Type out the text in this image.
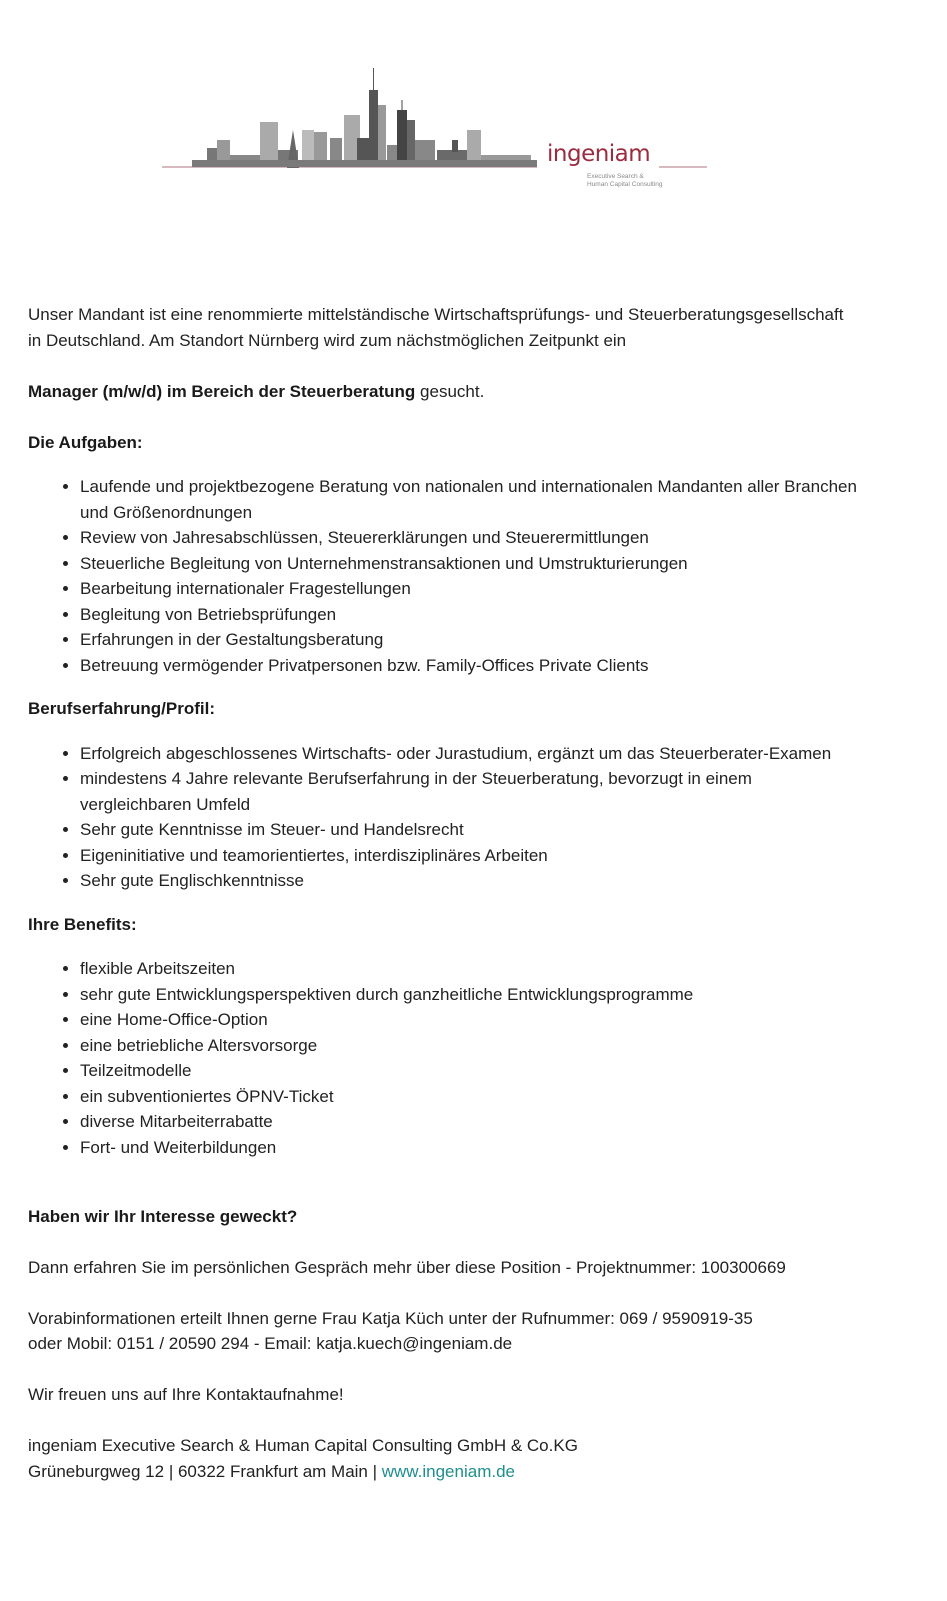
ingeniam
Executive Search &
Human Capital Consulting

Unser Mandant ist eine renommierte mittelständische Wirtschaftsprüfungs- und Steuerberatungsgesellschaft in Deutschland. Am Standort Nürnberg wird zum nächstmöglichen Zeitpunkt ein

Manager (m/w/d) im Bereich der Steuerberatung gesucht.

Die Aufgaben:
• Laufende und projektbezogene Beratung von nationalen und internationalen Mandanten aller Branchen und Größenordnungen
• Review von Jahresabschlüssen, Steuererklärungen und Steuerermittlungen
• Steuerliche Begleitung von Unternehmenstransaktionen und Umstrukturierungen
• Bearbeitung internationaler Fragestellungen
• Begleitung von Betriebsprüfungen
• Erfahrungen in der Gestaltungsberatung
• Betreuung vermögender Privatpersonen bzw. Family-Offices Private Clients
Berufserfahrung/Profil:
• Erfolgreich abgeschlossenes Wirtschafts- oder Jurastudium, ergänzt um das Steuerberater-Examen
• mindestens 4 Jahre relevante Berufserfahrung in der Steuerberatung, bevorzugt in einem vergleichbaren Umfeld
• Sehr gute Kenntnisse im Steuer- und Handelsrecht
• Eigeninitiative und teamorientiertes, interdisziplinäres Arbeiten
• Sehr gute Englischkenntnisse
Ihre Benefits:
• flexible Arbeitszeiten
• sehr gute Entwicklungsperspektiven durch ganzheitliche Entwicklungsprogramme
• eine Home-Office-Option
• eine betriebliche Altersvorsorge
• Teilzeitmodelle
• ein subventioniertes ÖPNV-Ticket
• diverse Mitarbeiterrabatte
• Fort- und Weiterbildungen

Haben wir Ihr Interesse geweckt?

Dann erfahren Sie im persönlichen Gespräch mehr über diese Position - Projektnummer: 100300669

Vorabinformationen erteilt Ihnen gerne Frau Katja Küch unter der Rufnummer: 069 / 9590919-35
oder Mobil: 0151 / 20590 294 - Email: katja.kuech@ingeniam.de

Wir freuen uns auf Ihre Kontaktaufnahme!

ingeniam Executive Search & Human Capital Consulting GmbH & Co.KG
Grüneburgweg 12 | 60322 Frankfurt am Main | www.ingeniam.de
